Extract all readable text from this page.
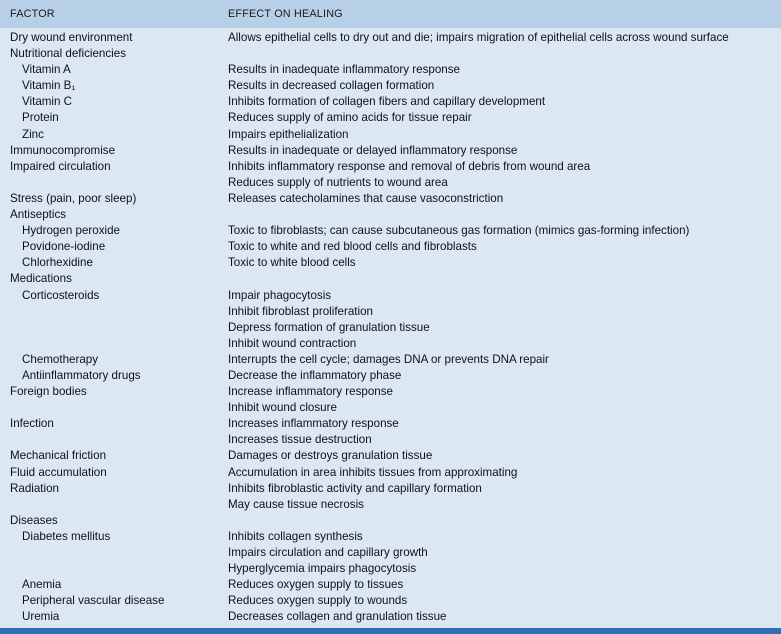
FACTOR	EFFECT ON HEALING
Dry wound environment	Allows epithelial cells to dry out and die; impairs migration of epithelial cells across wound surface
Nutritional deficiencies
Vitamin A	Results in inadequate inflammatory response
Vitamin B₁	Results in decreased collagen formation
Vitamin C	Inhibits formation of collagen fibers and capillary development
Protein	Reduces supply of amino acids for tissue repair
Zinc	Impairs epithelialization
Immunocompromise	Results in inadequate or delayed inflammatory response
Impaired circulation	Inhibits inflammatory response and removal of debris from wound area
Reduces supply of nutrients to wound area
Stress (pain, poor sleep)	Releases catecholamines that cause vasoconstriction
Antiseptics
Hydrogen peroxide	Toxic to fibroblasts; can cause subcutaneous gas formation (mimics gas-forming infection)
Povidone-iodine	Toxic to white and red blood cells and fibroblasts
Chlorhexidine	Toxic to white blood cells
Medications
Corticosteroids	Impair phagocytosis
Inhibit fibroblast proliferation
Depress formation of granulation tissue
Inhibit wound contraction
Chemotherapy	Interrupts the cell cycle; damages DNA or prevents DNA repair
Antiinflammatory drugs	Decrease the inflammatory phase
Foreign bodies	Increase inflammatory response
Inhibit wound closure
Infection	Increases inflammatory response
Increases tissue destruction
Mechanical friction	Damages or destroys granulation tissue
Fluid accumulation	Accumulation in area inhibits tissues from approximating
Radiation	Inhibits fibroblastic activity and capillary formation
May cause tissue necrosis
Diseases
Diabetes mellitus	Inhibits collagen synthesis
Impairs circulation and capillary growth
Hyperglycemia impairs phagocytosis
Anemia	Reduces oxygen supply to tissues
Peripheral vascular disease	Reduces oxygen supply to wounds
Uremia	Decreases collagen and granulation tissue
